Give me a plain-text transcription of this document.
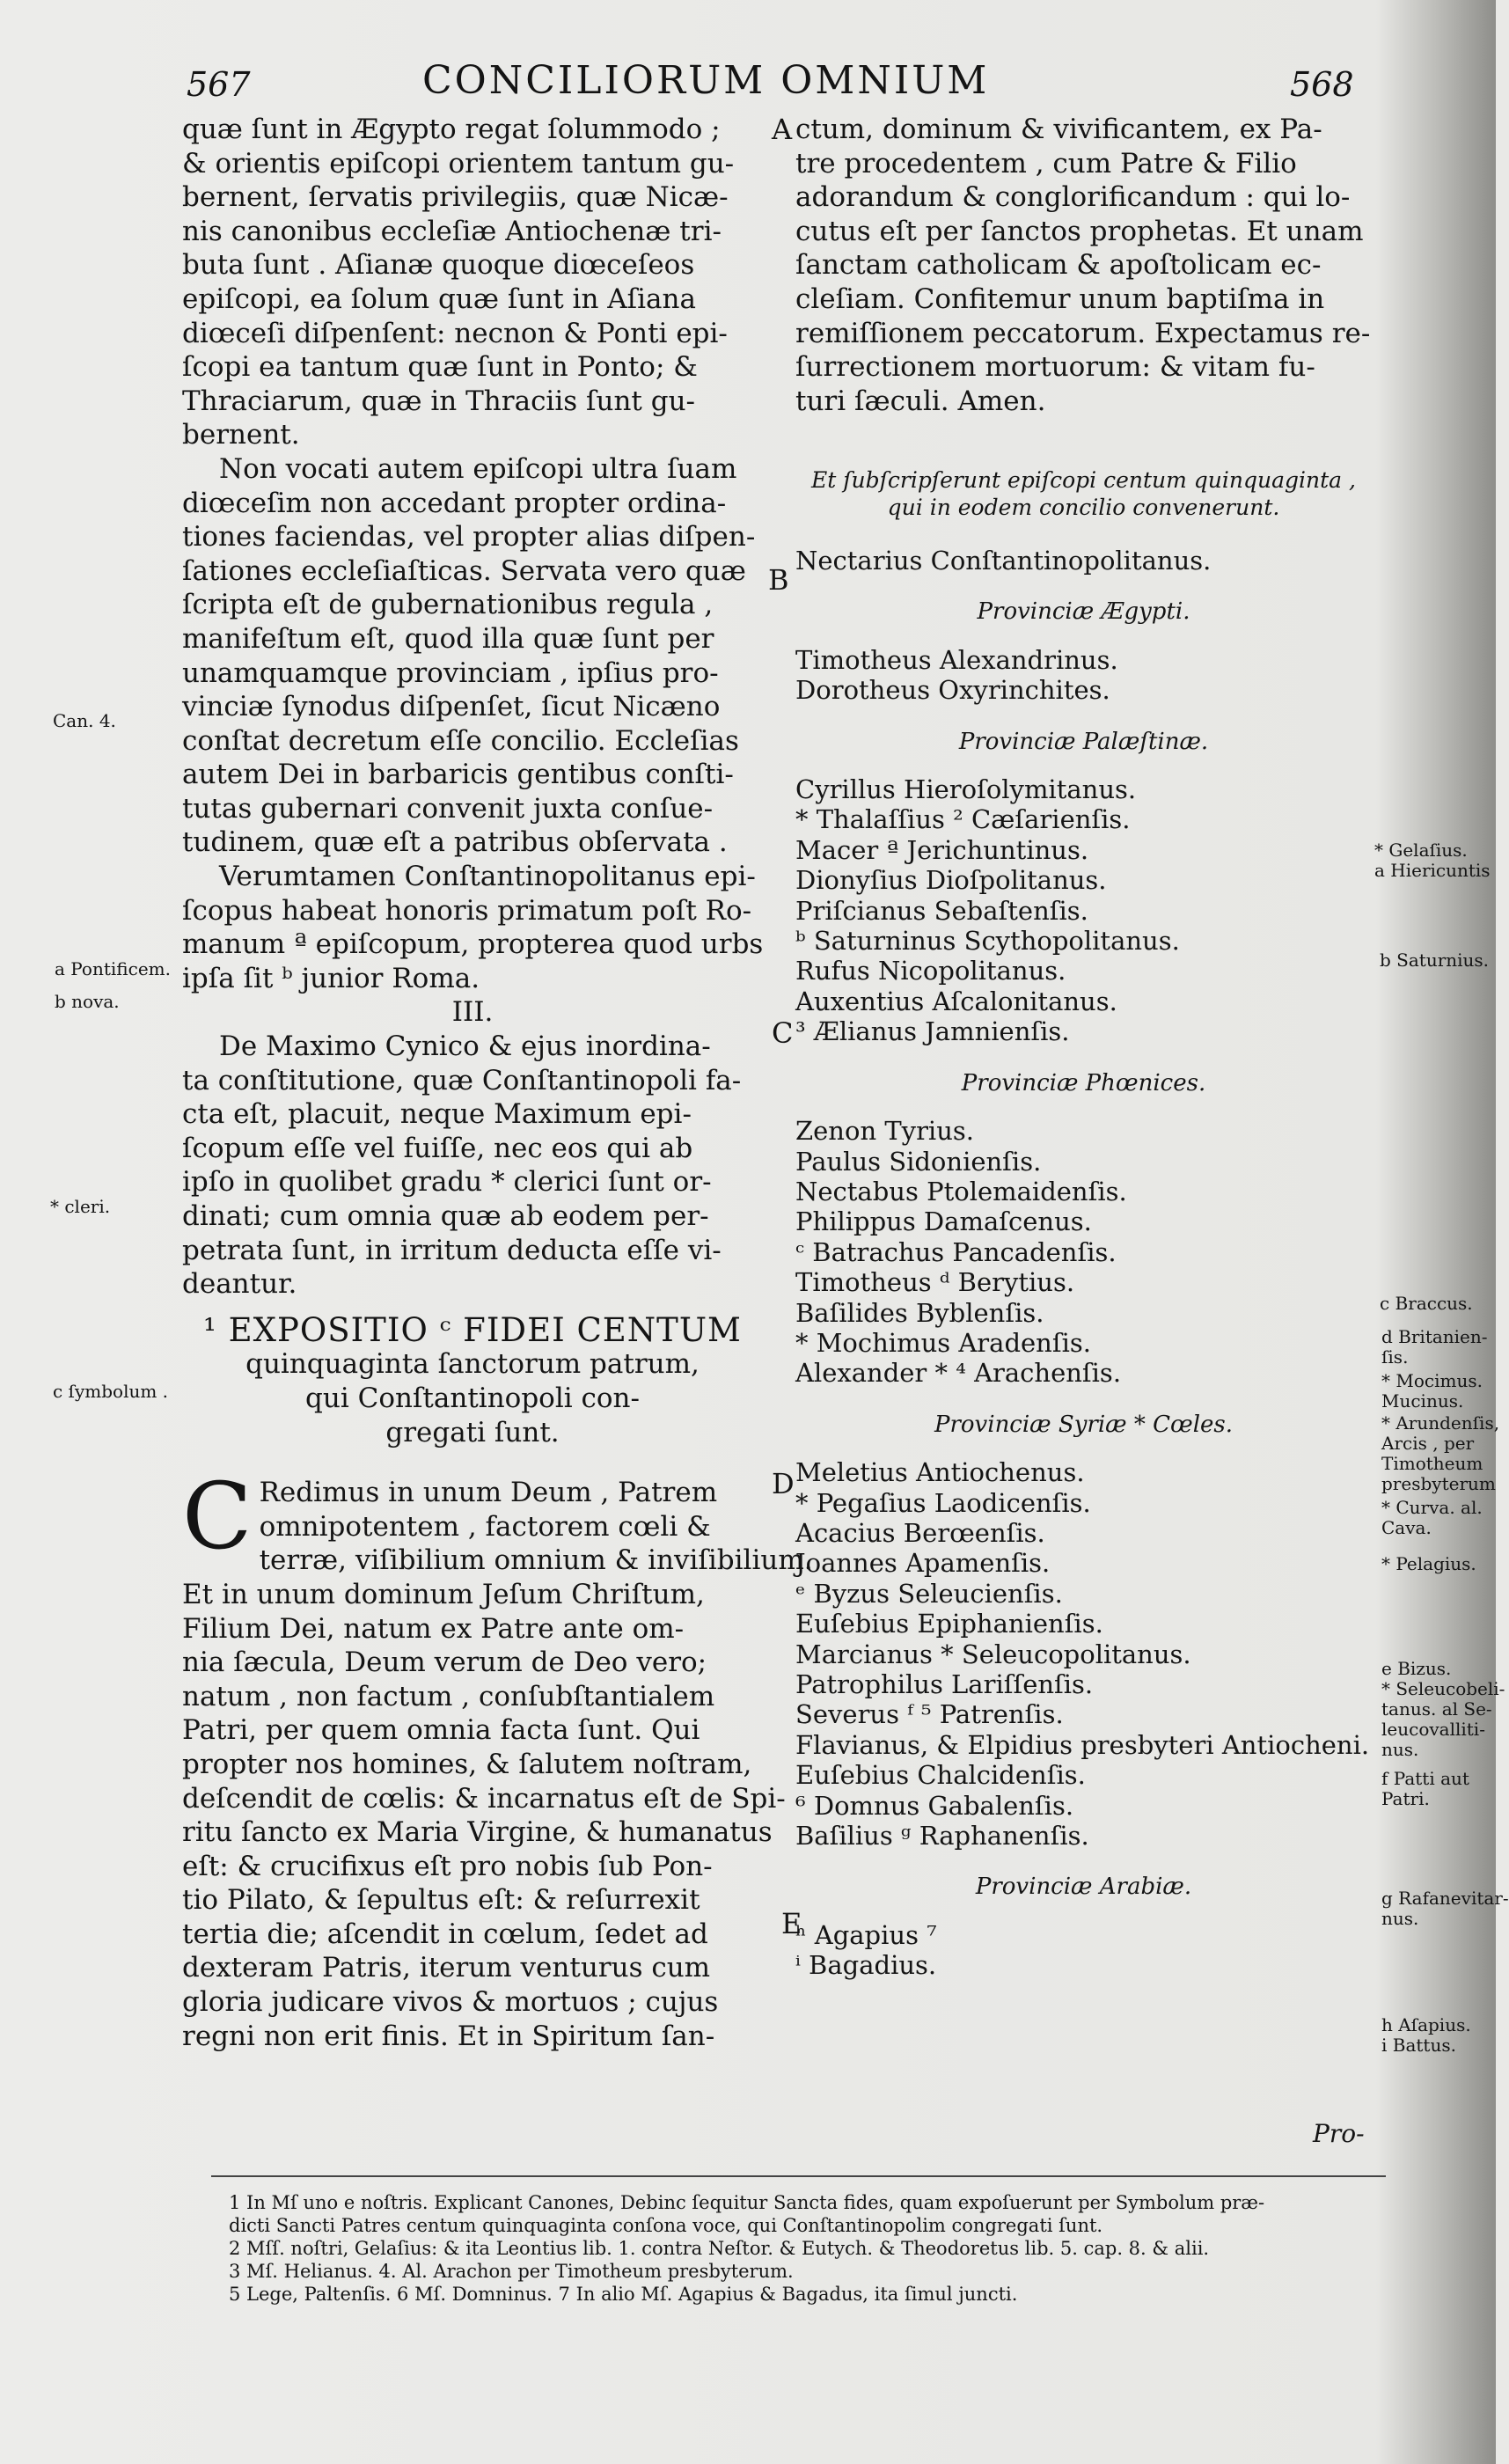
567	CONCILIORUM OMNIUM	568
quæ ſunt in Ægypto regat ſolummodo ;
& orientis epiſcopi orientem tantum gu-
bernent, ſervatis privilegiis, quæ Nicæ-
nis canonibus eccleſiæ Antiochenæ tri-
buta ſunt . Aſianæ quoque diœceſeos
epiſcopi, ea ſolum quæ ſunt in Aſiana
diœceſi diſpenſent: necnon & Ponti epi-
ſcopi ea tantum quæ ſunt in Ponto; &
Thraciarum, quæ in Thraciis ſunt gu-
bernent.
Non vocati autem epiſcopi ultra ſuam
diœceſim non accedant propter ordina-
tiones faciendas, vel propter alias diſpen-
ſationes eccleſiaſticas. Servata vero quæ
ſcripta eſt de gubernationibus regula ,
manifeſtum eſt, quod illa quæ ſunt per
unamquamque provinciam , ipſius pro-
vinciæ ſynodus diſpenſet, ſicut Nicæno
conſtat decretum eſſe concilio. Eccleſias
autem Dei in barbaricis gentibus conſti-
tutas gubernari convenit juxta conſue-
tudinem, quæ eſt a patribus obſervata .
Verumtamen Conſtantinopolitanus epi-
ſcopus habeat honoris primatum poſt Ro-
manum ª epiſcopum, propterea quod urbs
ipſa ſit ᵇ junior Roma.

III.

De Maximo Cynico & ejus inordina-
ta conſtitutione, quæ Conſtantinopoli fa-
cta eſt, placuit, neque Maximum epi-
ſcopum eſſe vel fuiſſe, nec eos qui ab
ipſo in quolibet gradu * clerici ſunt or-
dinati; cum omnia quæ ab eodem per-
petrata ſunt, in irritum deducta eſſe vi-
deantur.
¹ EXPOSITIO ᶜ FIDEI CENTUM
quinquaginta ſanctorum patrum,
qui Conſtantinopoli con-
gregati ſunt.
C Redimus in unum Deum , Patrem
omnipotentem , factorem cœli &
terræ, viſibilium omnium & inviſibilium.
Et in unum dominum Jeſum Chriſtum,
Filium Dei, natum ex Patre ante om-
nia ſæcula, Deum verum de Deo vero;
natum , non factum , conſubſtantialem
Patri, per quem omnia facta ſunt. Qui
propter nos homines, & ſalutem noſtram,
deſcendit de cœlis: & incarnatus eſt de Spi-
ritu ſancto ex Maria Virgine, & humanatus
eſt: & crucifixus eſt pro nobis ſub Pon-
tio Pilato, & ſepultus eſt: & reſurrexit
tertia die; aſcendit in cœlum, ſedet ad
dexteram Patris, iterum venturus cum
gloria judicare vivos & mortuos ; cujus
regni non erit finis. Et in Spiritum ſan-
ctum, dominum & vivificantem, ex Pa-
tre procedentem , cum Patre & Filio
adorandum & conglorificandum : qui lo-
cutus eſt per ſanctos prophetas. Et unam
ſanctam catholicam & apoſtolicam ec-
cleſiam. Confitemur unum baptiſma in
remiſſionem peccatorum. Expectamus re-
ſurrectionem mortuorum: & vitam fu-
turi ſæculi. Amen.
Et ſubſcripſerunt epiſcopi centum quinquaginta ,
qui in eodem concilio convenerunt.
Nectarius Conſtantinopolitanus.
Provinciæ Ægypti.
Timotheus Alexandrinus.
Dorotheus Oxyrinchites.
Provinciæ Palæſtinæ.
Cyrillus Hieroſolymitanus.
* Thalaſſius ² Cæſarienſis.
Macer ª Jerichuntinus.
Dionyſius Dioſpolitanus.
Priſcianus Sebaſtenſis.
ᵇ Saturninus Scythopolitanus.
Rufus Nicopolitanus.
Auxentius Aſcalonitanus.
³ Ælianus Jamnienſis.
Provinciæ Phœnices.
Zenon Tyrius.
Paulus Sidonienſis.
Nectabus Ptolemaidenſis.
Philippus Damaſcenus.
ᶜ Batrachus Pancadenſis.
Timotheus ᵈ Berytius.
Baſilides Byblenſis.
* Mochimus Aradenſis.
Alexander * ⁴ Arachenſis.
Provinciæ Syriæ * Cœles.
Meletius Antiochenus.
* Pegaſius Laodicenſis.
Acacius Berœenſis.
Joannes Apamenſis.
ᵉ Byzus Seleucienſis.
Euſebius Epiphanienſis.
Marcianus * Seleucopolitanus.
Patrophilus Lariſſenſis.
Severus ᶠ ⁵ Patrenſis.
Flavianus, & Elpidius presbyteri Antiocheni.
Euſebius Chalcidenſis.
⁶ Domnus Gabalenſis.
Baſilius ᵍ Raphanenſis.
Provinciæ Arabiæ.
ʰ Agapius ⁷
ⁱ Bagadius.
Pro-
A
B
C
D
E
Can. 4.
a Pontificem.
b nova.
* cleri.
c ſymbolum .
* Gelaſius.
a Hiericuntis
b Saturnius.
c Braccus.
d Britanien-
ſis.
* Mocimus.
Mucinus.
* Arundenſis,
Arcis , per
Timotheum
presbyterum
* Curva. al.
Cava.
* Pelagius.
e Bizus.
* Seleucobeli-
tanus. al Se-
leucovalliti-
nus.
f Patti aut
Patri.
g Rafanevitar-
nus.
h Aſapius.
i Battus.
1 In Mſ uno e noſtris. Explicant Canones, Debinc ſequitur Sancta fides, quam expoſuerunt per Symbolum præ-
dicti Sancti Patres centum quinquaginta conſona voce, qui Conſtantinopolim congregati ſunt.
2 Mſſ. noſtri, Gelaſius: & ita Leontius lib. 1. contra Neſtor. & Eutych. & Theodoretus lib. 5. cap. 8. & alii.
3 Mſ. Helianus. 4. Al. Arachon per Timotheum presbyterum.
5 Lege, Paltenſis. 6 Mſ. Domninus. 7 In alio Mſ. Agapius & Bagadus, ita ſimul juncti.
